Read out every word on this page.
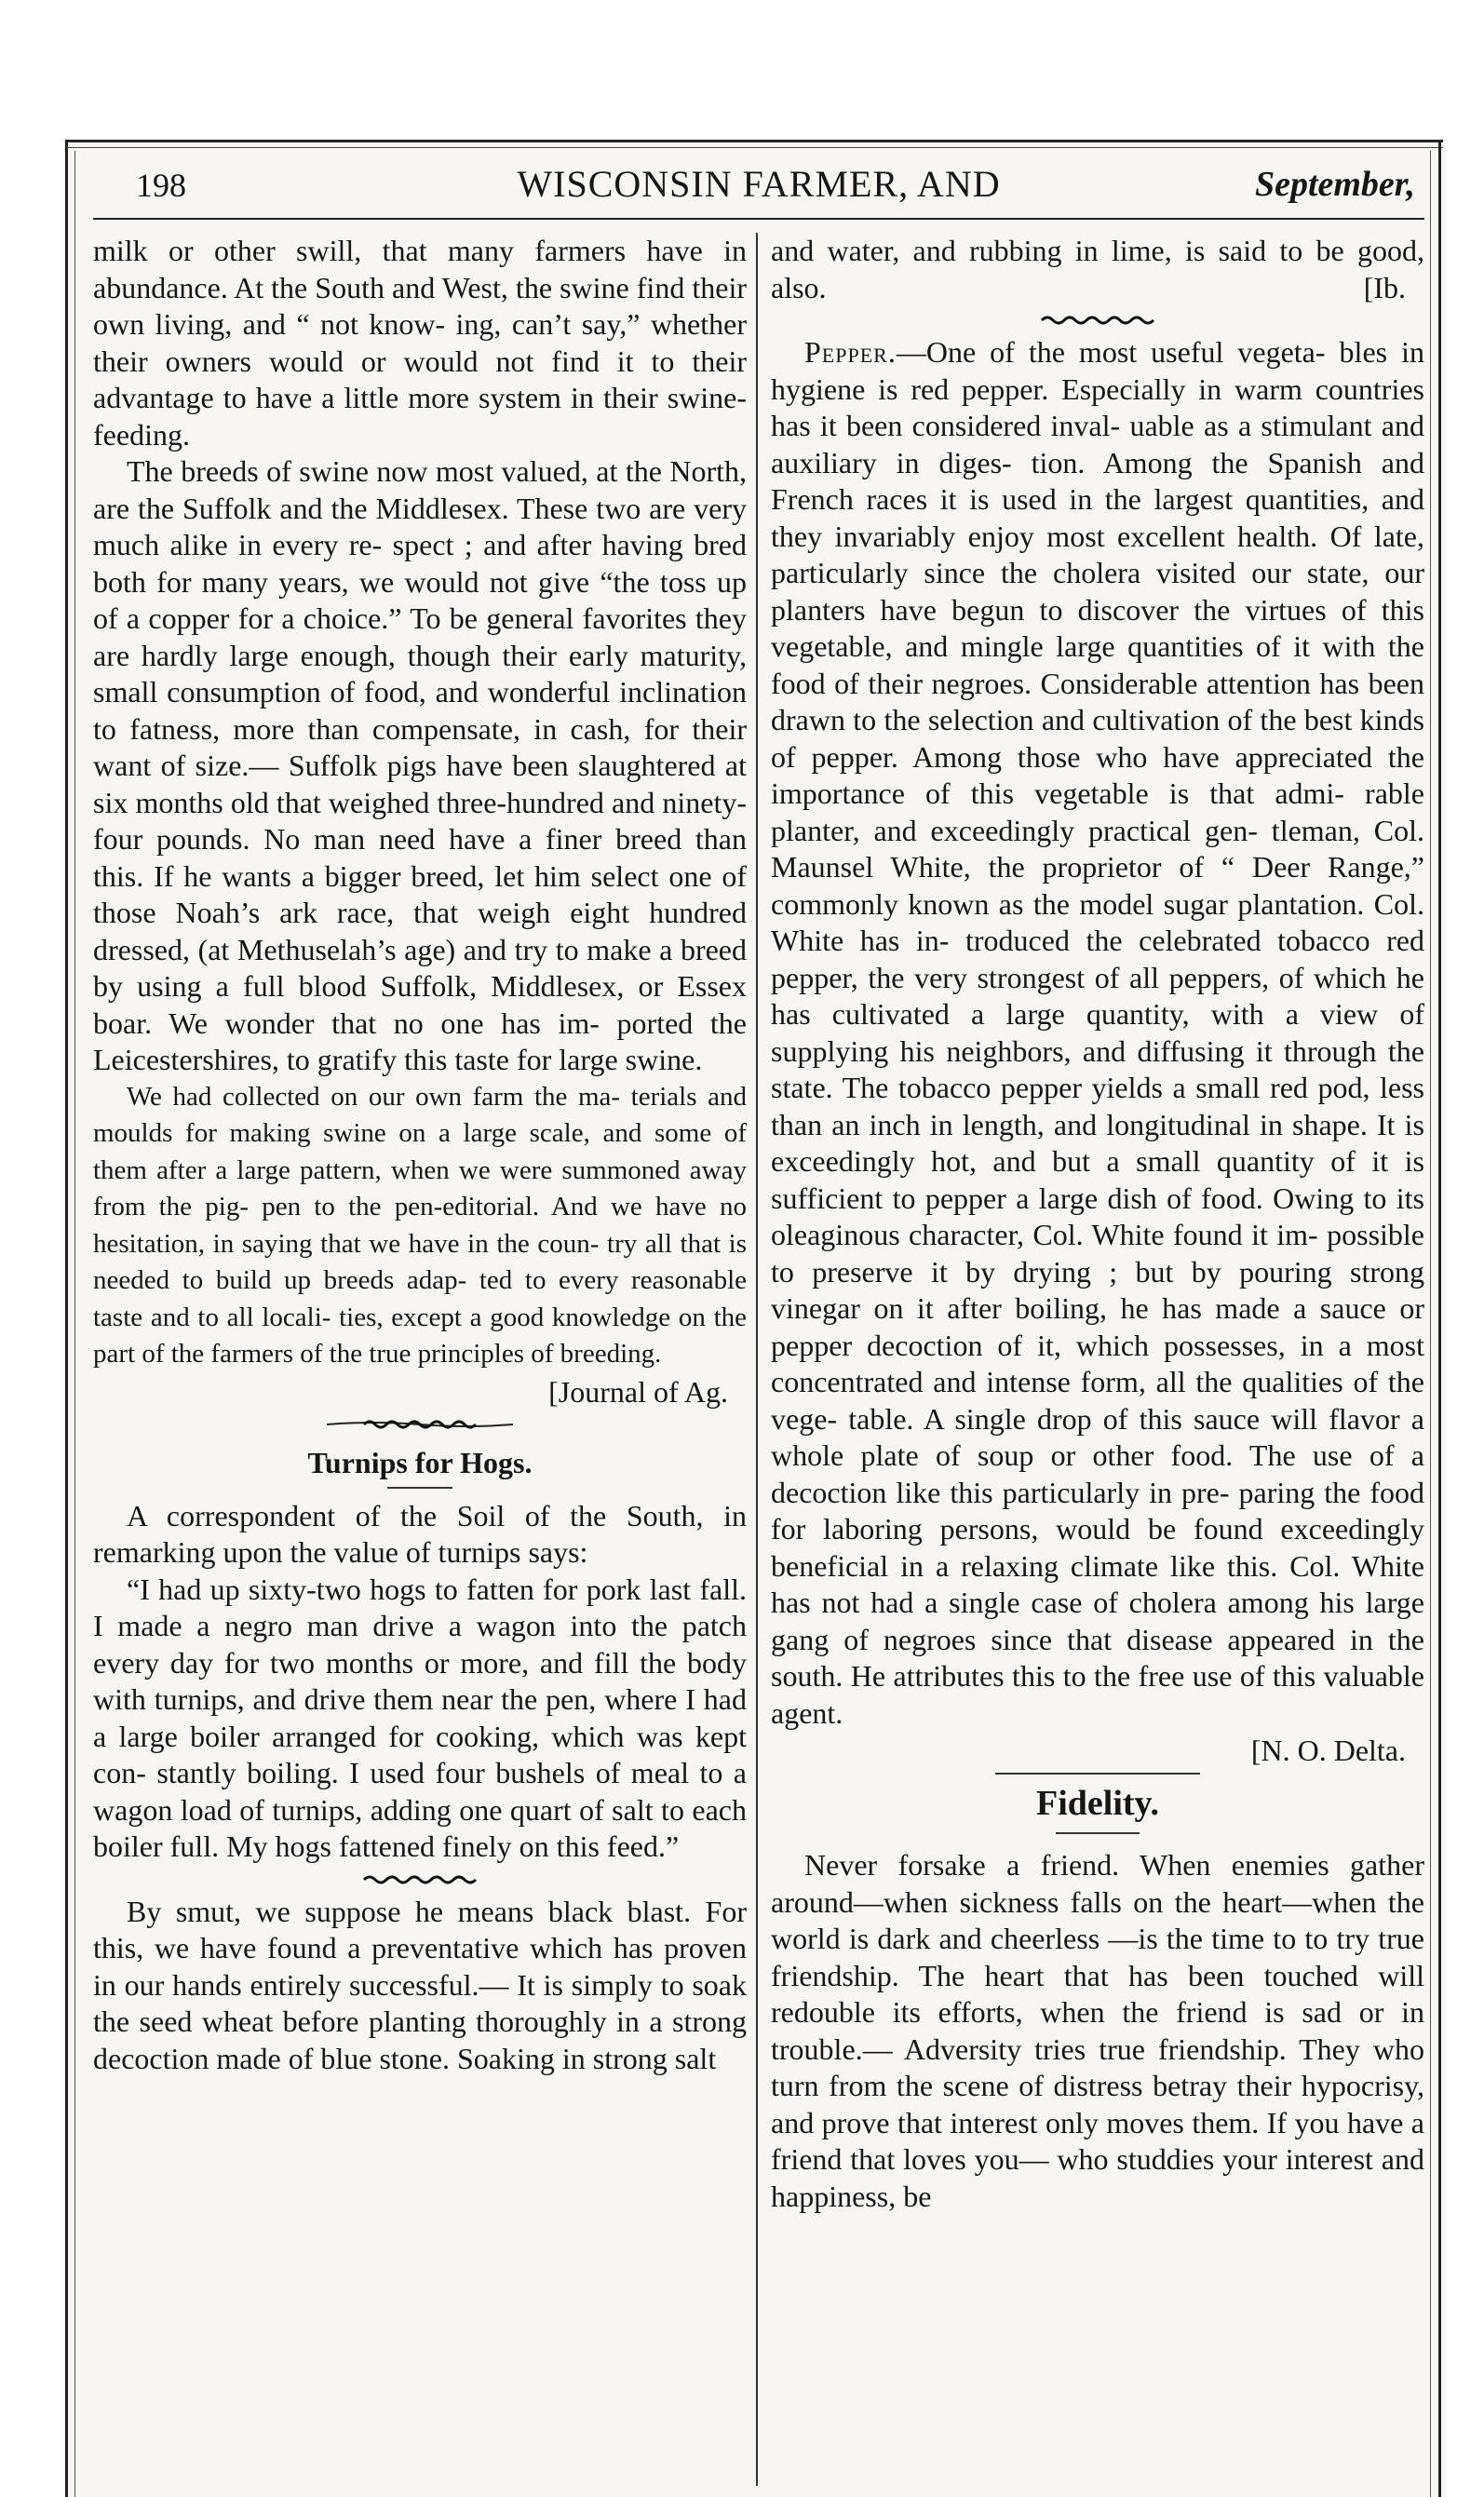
198	WISCONSIN FARMER, AND	September,

milk or other swill, that many farmers have in abundance. At the South and West, the swine find their own living, and “ not know- ing, can’t say,” whether their owners would or would not find it to their advantage to have a little more system in their swine-feeding.

The breeds of swine now most valued, at the North, are the Suffolk and the Middlesex. These two are very much alike in every re- spect ; and after having bred both for many years, we would not give “the toss up of a copper for a choice.” To be general favorites they are hardly large enough, though their early maturity, small consumption of food, and wonderful inclination to fatness, more than compensate, in cash, for their want of size.— Suffolk pigs have been slaughtered at six months old that weighed three-hundred and ninety-four pounds. No man need have a finer breed than this. If he wants a bigger breed, let him select one of those Noah’s ark race, that weigh eight hundred dressed, (at Methuselah’s age) and try to make a breed by using a full blood Suffolk, Middlesex, or Essex boar. We wonder that no one has im- ported the Leicestershires, to gratify this taste for large swine.

We had collected on our own farm the ma- terials and moulds for making swine on a large scale, and some of them after a large pattern, when we were summoned away from the pig- pen to the pen-editorial. And we have no hesitation, in saying that we have in the coun- try all that is needed to build up breeds adap- ted to every reasonable taste and to all locali- ties, except a good knowledge on the part of the farmers of the true principles of breeding.

[Journal of Ag.
Turnips for Hogs.

A correspondent of the Soil of the South, in remarking upon the value of turnips says:

“I had up sixty-two hogs to fatten for pork last fall. I made a negro man drive a wagon into the patch every day for two months or more, and fill the body with turnips, and drive them near the pen, where I had a large boiler arranged for cooking, which was kept con- stantly boiling. I used four bushels of meal to a wagon load of turnips, adding one quart of salt to each boiler full. My hogs fattened finely on this feed.”

By smut, we suppose he means black blast. For this, we have found a preventative which has proven in our hands entirely successful.— It is simply to soak the seed wheat before planting thoroughly in a strong decoction made of blue stone. Soaking in strong salt

and water, and rubbing in lime, is said to be good, also.	[Ib.

Pepper.—One of the most useful vegeta- bles in hygiene is red pepper. Especially in warm countries has it been considered inval- uable as a stimulant and auxiliary in diges- tion. Among the Spanish and French races it is used in the largest quantities, and they invariably enjoy most excellent health. Of late, particularly since the cholera visited our state, our planters have begun to discover the virtues of this vegetable, and mingle large quantities of it with the food of their negroes. Considerable attention has been drawn to the selection and cultivation of the best kinds of pepper. Among those who have appreciated the importance of this vegetable is that admi- rable planter, and exceedingly practical gen- tleman, Col. Maunsel White, the proprietor of “ Deer Range,” commonly known as the model sugar plantation. Col. White has in- troduced the celebrated tobacco red pepper, the very strongest of all peppers, of which he has cultivated a large quantity, with a view of supplying his neighbors, and diffusing it through the state. The tobacco pepper yields a small red pod, less than an inch in length, and longitudinal in shape. It is exceedingly hot, and but a small quantity of it is sufficient to pepper a large dish of food. Owing to its oleaginous character, Col. White found it im- possible to preserve it by drying ; but by pouring strong vinegar on it after boiling, he has made a sauce or pepper decoction of it, which possesses, in a most concentrated and intense form, all the qualities of the vege- table. A single drop of this sauce will flavor a whole plate of soup or other food. The use of a decoction like this particularly in pre- paring the food for laboring persons, would be found exceedingly beneficial in a relaxing climate like this. Col. White has not had a single case of cholera among his large gang of negroes since that disease appeared in the south. He attributes this to the free use of this valuable agent.

[N. O. Delta.
Fidelity.

Never forsake a friend. When enemies gather around—when sickness falls on the heart—when the world is dark and cheerless —is the time to to try true friendship. The heart that has been touched will redouble its efforts, when the friend is sad or in trouble.— Adversity tries true friendship. They who turn from the scene of distress betray their hypocrisy, and prove that interest only moves them. If you have a friend that loves you— who studdies your interest and happiness, be
